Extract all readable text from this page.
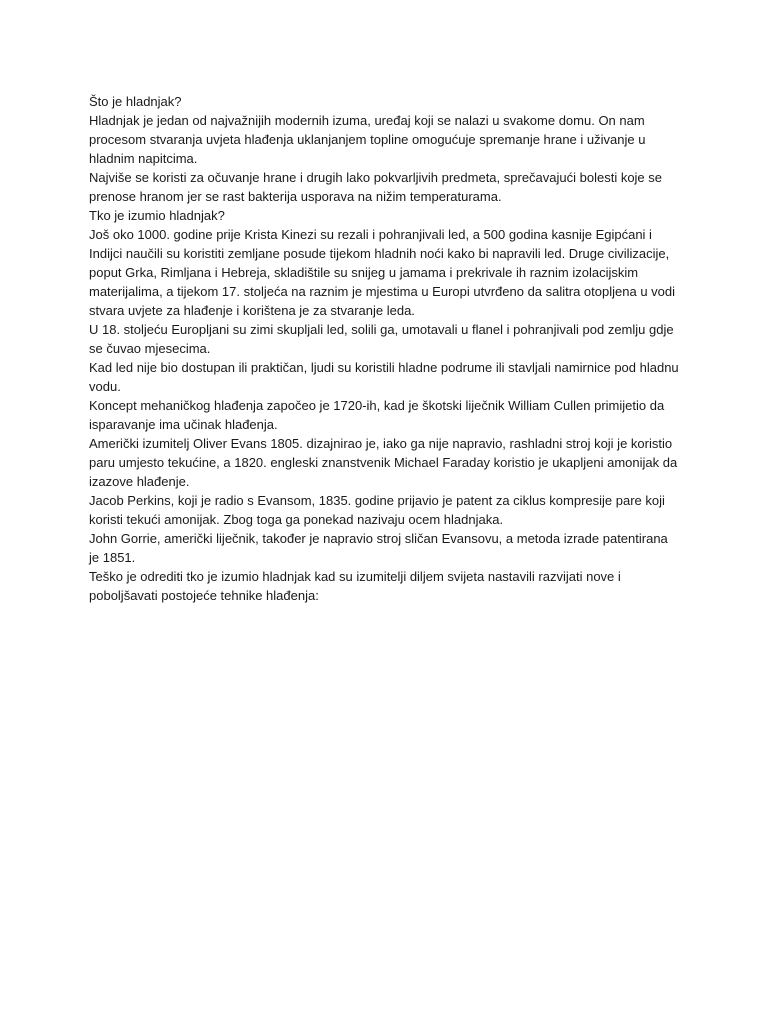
Što je hladnjak?

Hladnjak je jedan od najvažnijih modernih izuma, uređaj koji se nalazi u svakome domu. On nam procesom stvaranja uvjeta hlađenja uklanjanjem topline omogućuje spremanje hrane i uživanje u hladnim napitcima.

Najviše se koristi za očuvanje hrane i drugih lako pokvarljivih predmeta, sprečavajući bolesti koje se prenose hranom jer se rast bakterija usporava na nižim temperaturama.

Tko je izumio hladnjak?

Još oko 1000. godine prije Krista Kinezi su rezali i pohranjivali led, a 500 godina kasnije Egipćani i Indijci naučili su koristiti zemljane posude tijekom hladnih noći kako bi napravili led. Druge civilizacije, poput Grka, Rimljana i Hebreja, skladištile su snijeg u jamama i prekrivale ih raznim izolacijskim materijalima, a tijekom 17. stoljeća na raznim je mjestima u Europi utvrđeno da salitra otopljena u vodi stvara uvjete za hlađenje i korištena je za stvaranje leda.

U 18. stoljeću Europljani su zimi skupljali led, solili ga, umotavali u flanel i pohranjivali pod zemlju gdje se čuvao mjesecima.

Kad led nije bio dostupan ili praktičan, ljudi su koristili hladne podrume ili stavljali namirnice pod hladnu vodu.

Koncept mehaničkog hlađenja započeo je 1720-ih, kad je škotski liječnik William Cullen primijetio da isparavanje ima učinak hlađenja.

Američki izumitelj Oliver Evans 1805. dizajnirao je, iako ga nije napravio, rashladni stroj koji je koristio paru umjesto tekućine, a 1820. engleski znanstvenik Michael Faraday koristio je ukapljeni amonijak da izazove hlađenje.

Jacob Perkins, koji je radio s Evansom, 1835. godine prijavio je patent za ciklus kompresije pare koji koristi tekući amonijak. Zbog toga ga ponekad nazivaju ocem hladnjaka.

John Gorrie, američki liječnik, također je napravio stroj sličan Evansovu, a metoda izrade patentirana je 1851.

Teško je odrediti tko je izumio hladnjak kad su izumitelji diljem svijeta nastavili razvijati nove i poboljšavati postojeće tehnike hlađenja:
